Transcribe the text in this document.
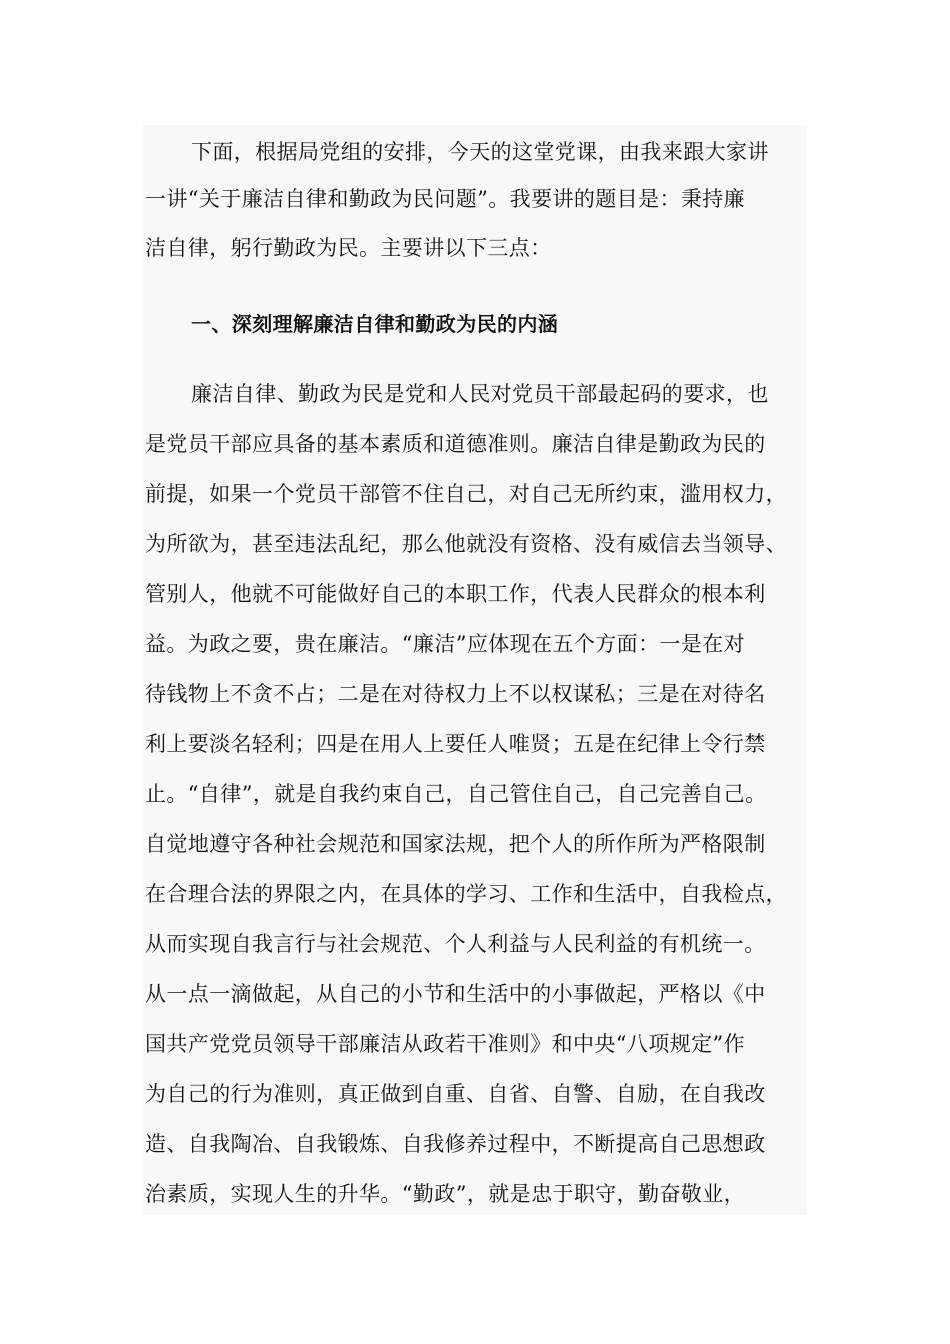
下面，根据局党组的安排，今天的这堂党课，由我来跟大家讲
一讲“关于廉洁自律和勤政为民问题”。我要讲的题目是：秉持廉
洁自律，躬行勤政为民。主要讲以下三点：
一、深刻理解廉洁自律和勤政为民的内涵
廉洁自律、勤政为民是党和人民对党员干部最起码的要求，也
是党员干部应具备的基本素质和道德准则。廉洁自律是勤政为民的
前提，如果一个党员干部管不住自己，对自己无所约束，滥用权力，
为所欲为，甚至违法乱纪，那么他就没有资格、没有威信去当领导、
管别人，他就不可能做好自己的本职工作，代表人民群众的根本利
益。为政之要，贵在廉洁。“廉洁”应体现在五个方面：一是在对
待钱物上不贪不占；二是在对待权力上不以权谋私；三是在对待名
利上要淡名轻利；四是在用人上要任人唯贤；五是在纪律上令行禁
止。“自律”，就是自我约束自己，自己管住自己，自己完善自己。
自觉地遵守各种社会规范和国家法规，把个人的所作所为严格限制
在合理合法的界限之内，在具体的学习、工作和生活中，自我检点，
从而实现自我言行与社会规范、个人利益与人民利益的有机统一。
从一点一滴做起，从自己的小节和生活中的小事做起，严格以《中
国共产党党员领导干部廉洁从政若干准则》和中央“八项规定”作
为自己的行为准则，真正做到自重、自省、自警、自励，在自我改
造、自我陶冶、自我锻炼、自我修养过程中，不断提高自己思想政
治素质，实现人生的升华。“勤政”，就是忠于职守，勤奋敬业，
